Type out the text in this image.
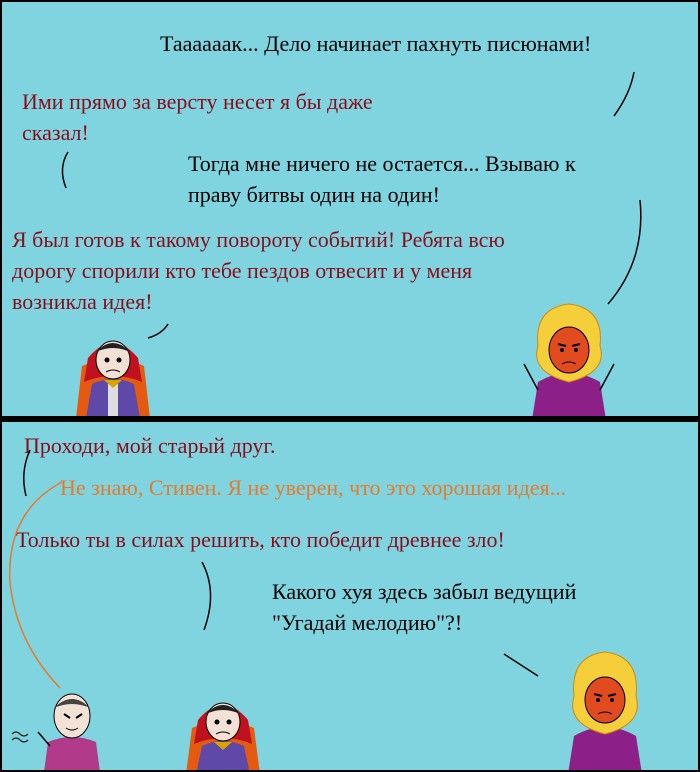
Таааааак... Дело начинает пахнуть писюнами!
Ими прямо за версту несет я бы даже
сказал!
Тогда мне ничего не остается... Взываю к
праву битвы один на один!
Я был готов к такому повороту событий! Ребята всю
дорогу спорили кто тебе пездов отвесит и у меня
возникла идея!
Проходи, мой старый друг.
Не знаю, Стивен. Я не уверен, что это хорошая идея...
Только ты в силах решить, кто победит древнее зло!
Какого хуя здесь забыл ведущий
"Угадай мелодию"?!
